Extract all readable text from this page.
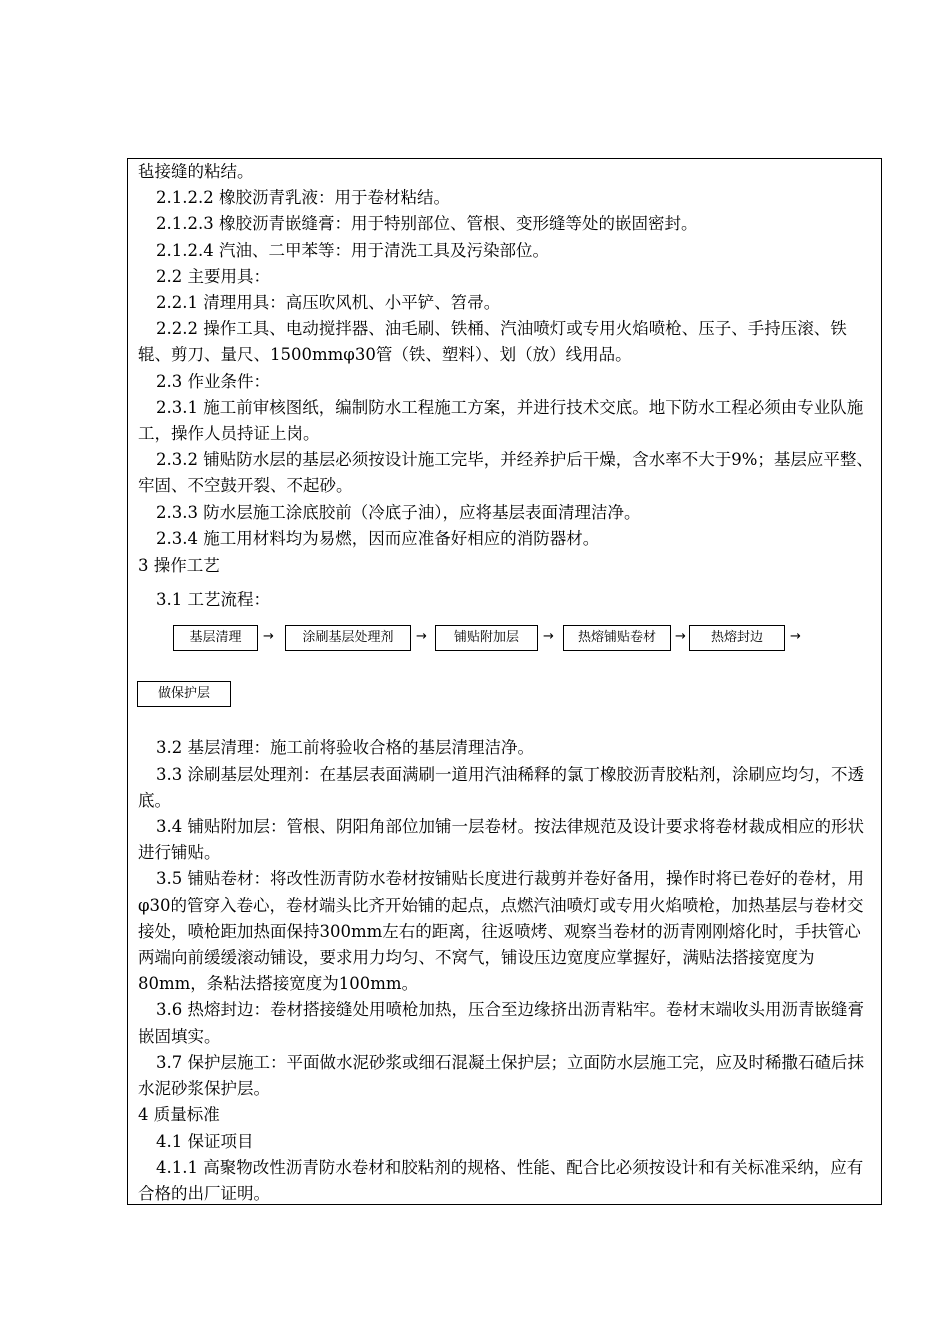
毡接缝的粘结。

2.1.2.2 橡胶沥青乳液：用于卷材粘结。

2.1.2.3 橡胶沥青嵌缝膏：用于特别部位、管根、变形缝等处的嵌固密封。

2.1.2.4 汽油、二甲苯等：用于清洗工具及污染部位。

2.2 主要用具：

2.2.1 清理用具：高压吹风机、小平铲、笤帚。

2.2.2 操作工具、电动搅拌器、油毛刷、铁桶、汽油喷灯或专用火焰喷枪、压子、手持压滚、铁辊、剪刀、量尺、1500mmφ30管（铁、塑料）、划（放）线用品。

2.3 作业条件：

2.3.1 施工前审核图纸，编制防水工程施工方案，并进行技术交底。地下防水工程必须由专业队施工，操作人员持证上岗。

2.3.2 铺贴防水层的基层必须按设计施工完毕，并经养护后干燥，含水率不大于9%；基层应平整、牢固、不空鼓开裂、不起砂。

2.3.3 防水层施工涂底胶前（冷底子油），应将基层表面清理洁净。

2.3.4 施工用材料均为易燃，因而应准备好相应的消防器材。

3 操作工艺

3.1 工艺流程：

基层清理	→	涂刷基层处理剂	→	铺贴附加层	→	热熔铺贴卷材	→	热熔封边	→
做保护层

3.2 基层清理：施工前将验收合格的基层清理洁净。

3.3 涂刷基层处理剂：在基层表面满刷一道用汽油稀释的氯丁橡胶沥青胶粘剂，涂刷应均匀，不透底。

3.4 铺贴附加层：管根、阴阳角部位加铺一层卷材。按法律规范及设计要求将卷材裁成相应的形状进行铺贴。

3.5 铺贴卷材：将改性沥青防水卷材按铺贴长度进行裁剪并卷好备用，操作时将已卷好的卷材，用φ30的管穿入卷心，卷材端头比齐开始铺的起点，点燃汽油喷灯或专用火焰喷枪，加热基层与卷材交接处，喷枪距加热面保持300mm左右的距离，往返喷烤、观察当卷材的沥青刚刚熔化时，手扶管心两端向前缓缓滚动铺设，要求用力均匀、不窝气，铺设压边宽度应掌握好，满贴法搭接宽度为80mm，条粘法搭接宽度为100mm。

3.6 热熔封边：卷材搭接缝处用喷枪加热，压合至边缘挤出沥青粘牢。卷材末端收头用沥青嵌缝膏嵌固填实。

3.7 保护层施工：平面做水泥砂浆或细石混凝土保护层；立面防水层施工完，应及时稀撒石碴后抹水泥砂浆保护层。

4 质量标准

4.1 保证项目

4.1.1 高聚物改性沥青防水卷材和胶粘剂的规格、性能、配合比必须按设计和有关标准采纳，应有合格的出厂证明。
